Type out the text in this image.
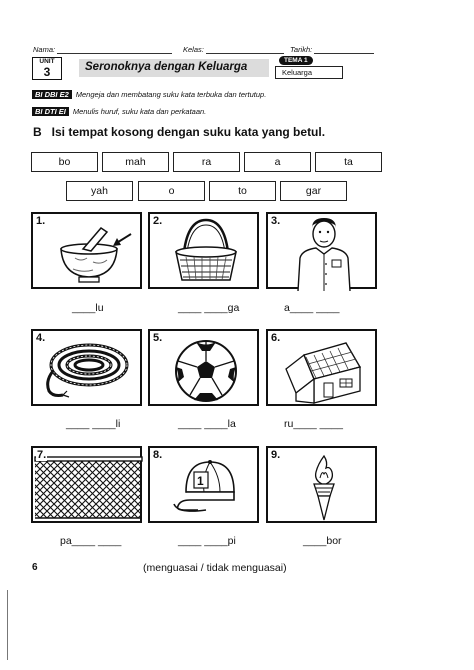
Nama:	Kelas:	Tarikh:
UNIT
3	Seronoknya dengan Keluarga
TEMA 1
Keluarga
BI DBI E2 Mengeja dan membatang suku kata terbuka dan tertutup.
BI DTI EI Menulis huruf, suku kata dan perkataan.
B Isi tempat kosong dengan suku kata yang betul.
bo	mah	ra	a	ta
yah	o	to	gar
1.	2.	3.
____lu	____ ____ga	a____ ____
4.	5.	6.
____ ____li	____ ____la	ru____ ____
7.
1
8.	9.
pa____ ____	____ ____pi	____bor
6	(menguasai / tidak menguasai)
